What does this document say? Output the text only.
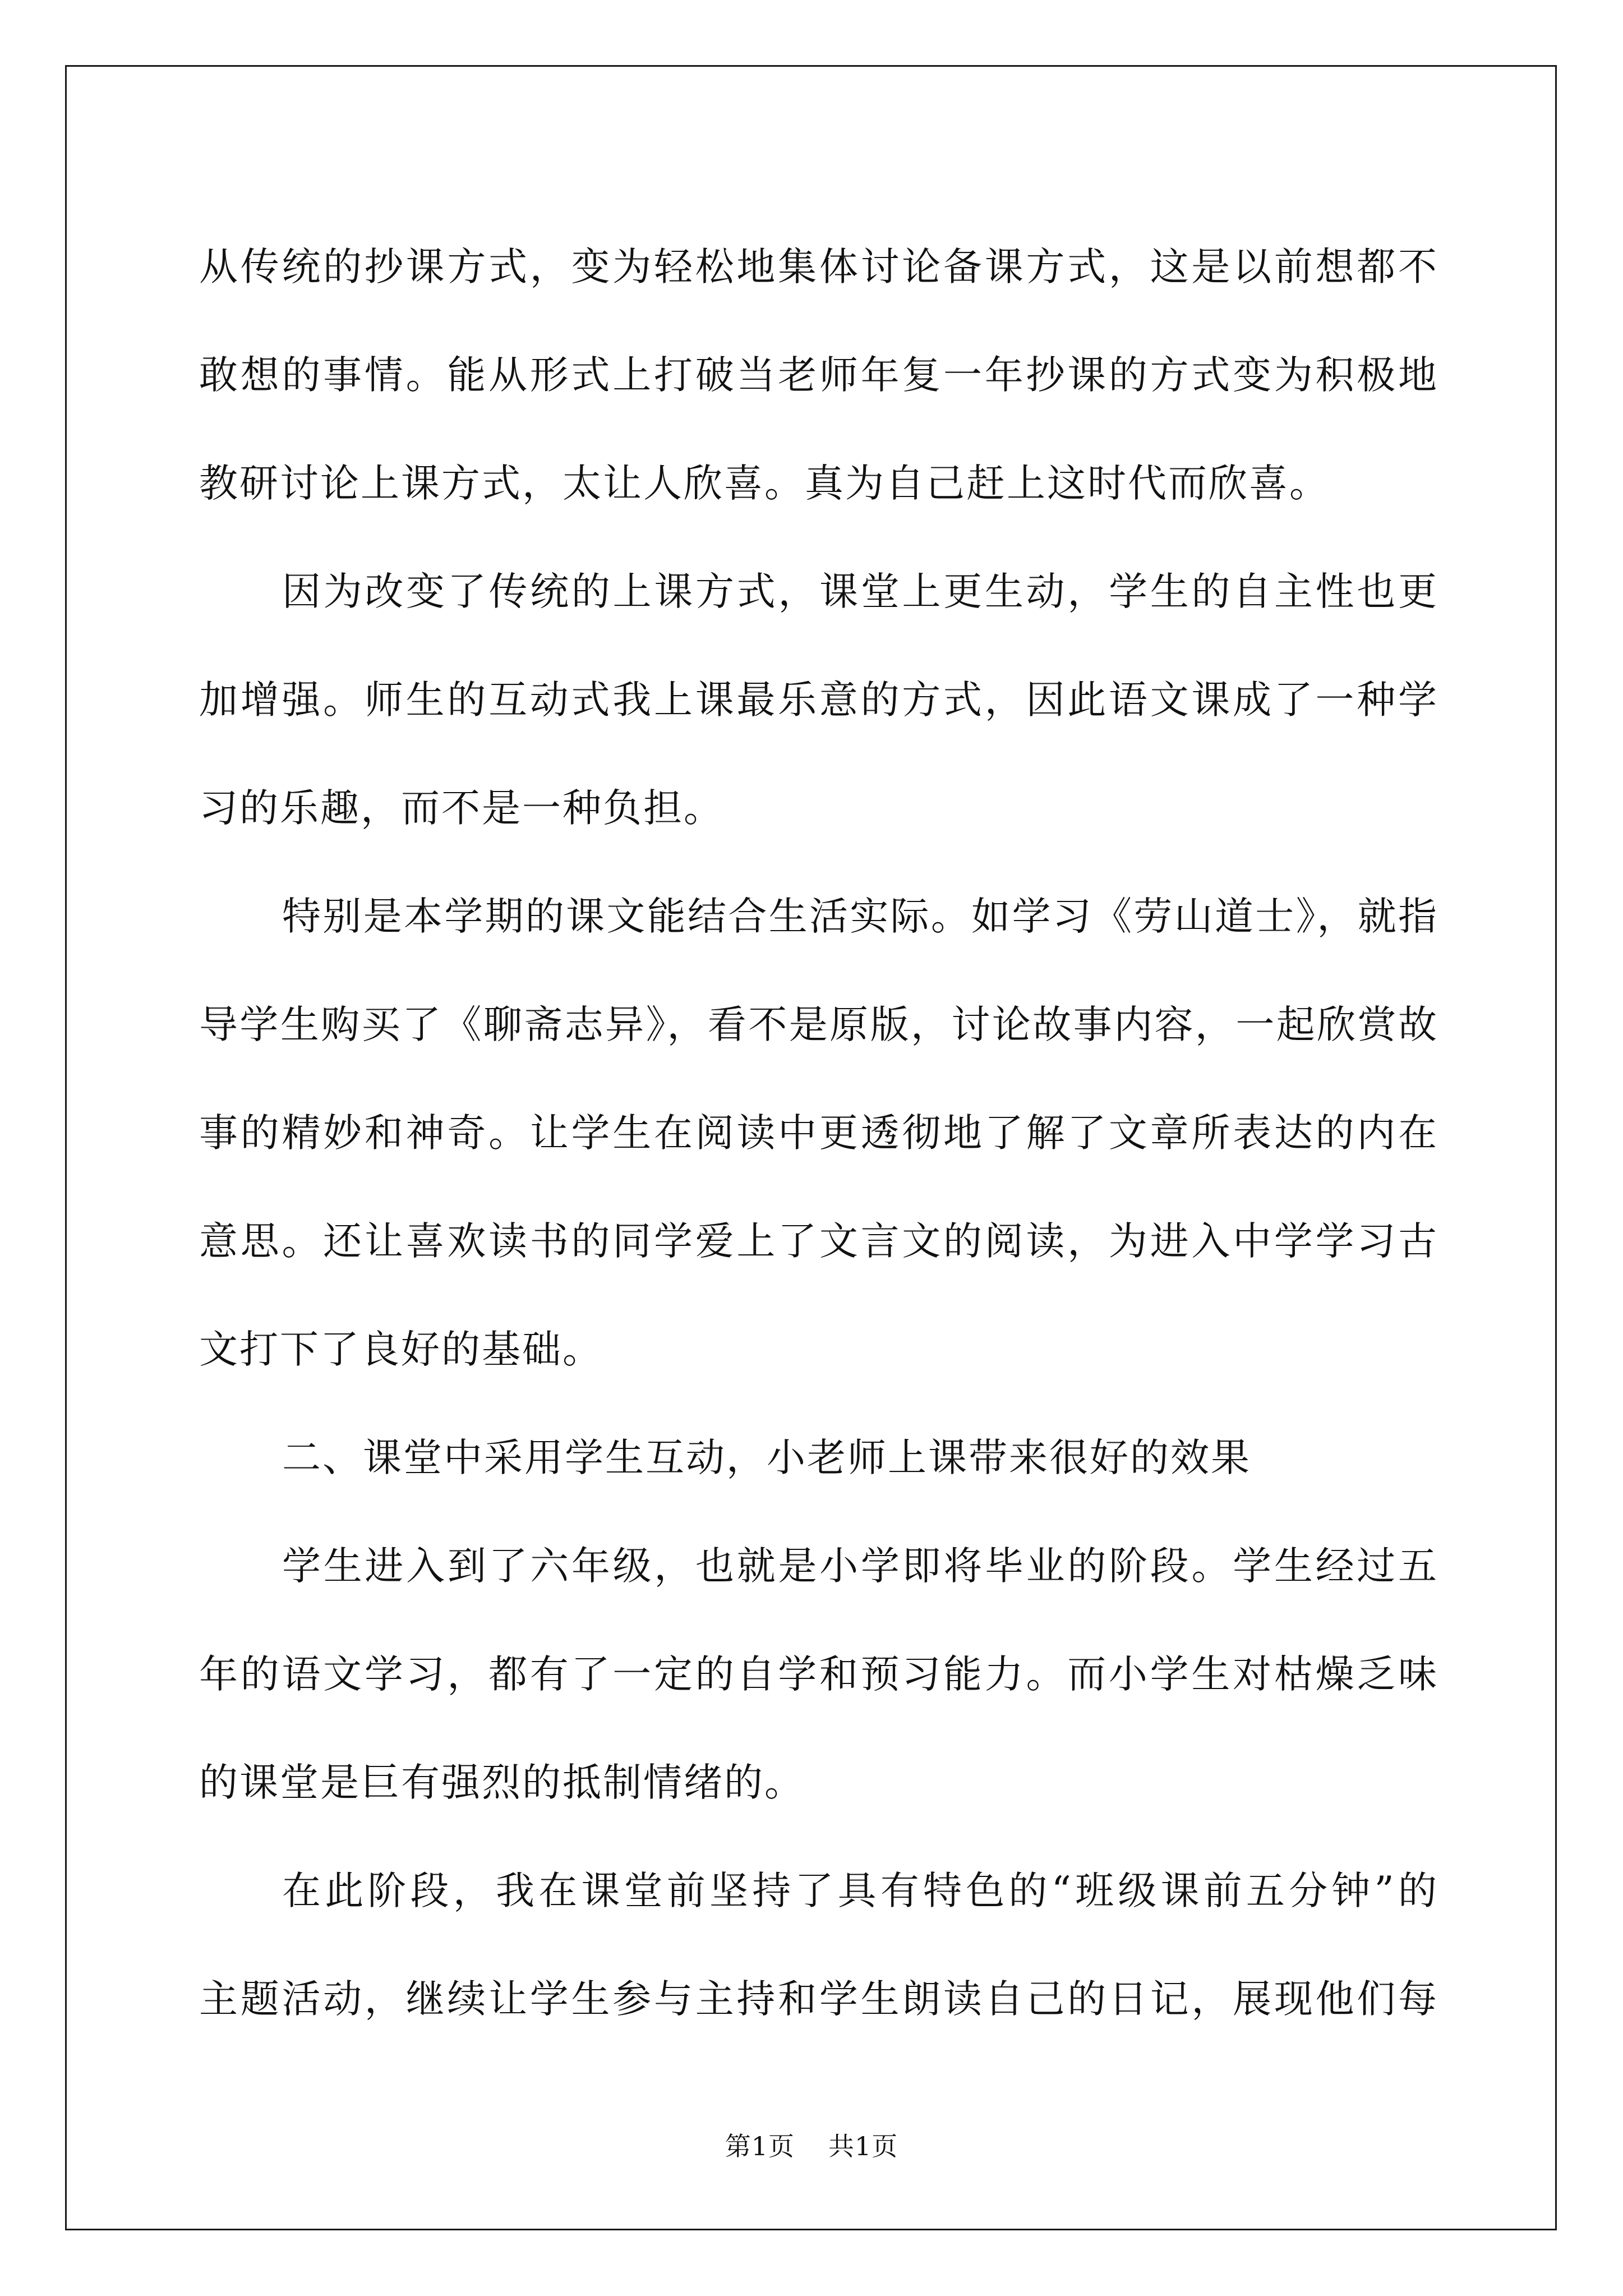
从传统的抄课方式，变为轻松地集体讨论备课方式，这是以前想都不
敢想的事情。能从形式上打破当老师年复一年抄课的方式变为积极地
教研讨论上课方式，太让人欣喜。真为自己赶上这时代而欣喜。
因为改变了传统的上课方式，课堂上更生动，学生的自主性也更
加增强。师生的互动式我上课最乐意的方式，因此语文课成了一种学
习的乐趣，而不是一种负担。
特别是本学期的课文能结合生活实际。如学习《劳山道士》，就指
导学生购买了《聊斋志异》，看不是原版，讨论故事内容，一起欣赏故
事的精妙和神奇。让学生在阅读中更透彻地了解了文章所表达的内在
意思。还让喜欢读书的同学爱上了文言文的阅读，为进入中学学习古
文打下了良好的基础。
二、课堂中采用学生互动，小老师上课带来很好的效果
学生进入到了六年级，也就是小学即将毕业的阶段。学生经过五
年的语文学习，都有了一定的自学和预习能力。而小学生对枯燥乏味
的课堂是巨有强烈的抵制情绪的。
在此阶段，我在课堂前坚持了具有特色的“班级课前五分钟”的
主题活动，继续让学生参与主持和学生朗读自己的日记，展现他们每
第1页 共1页
